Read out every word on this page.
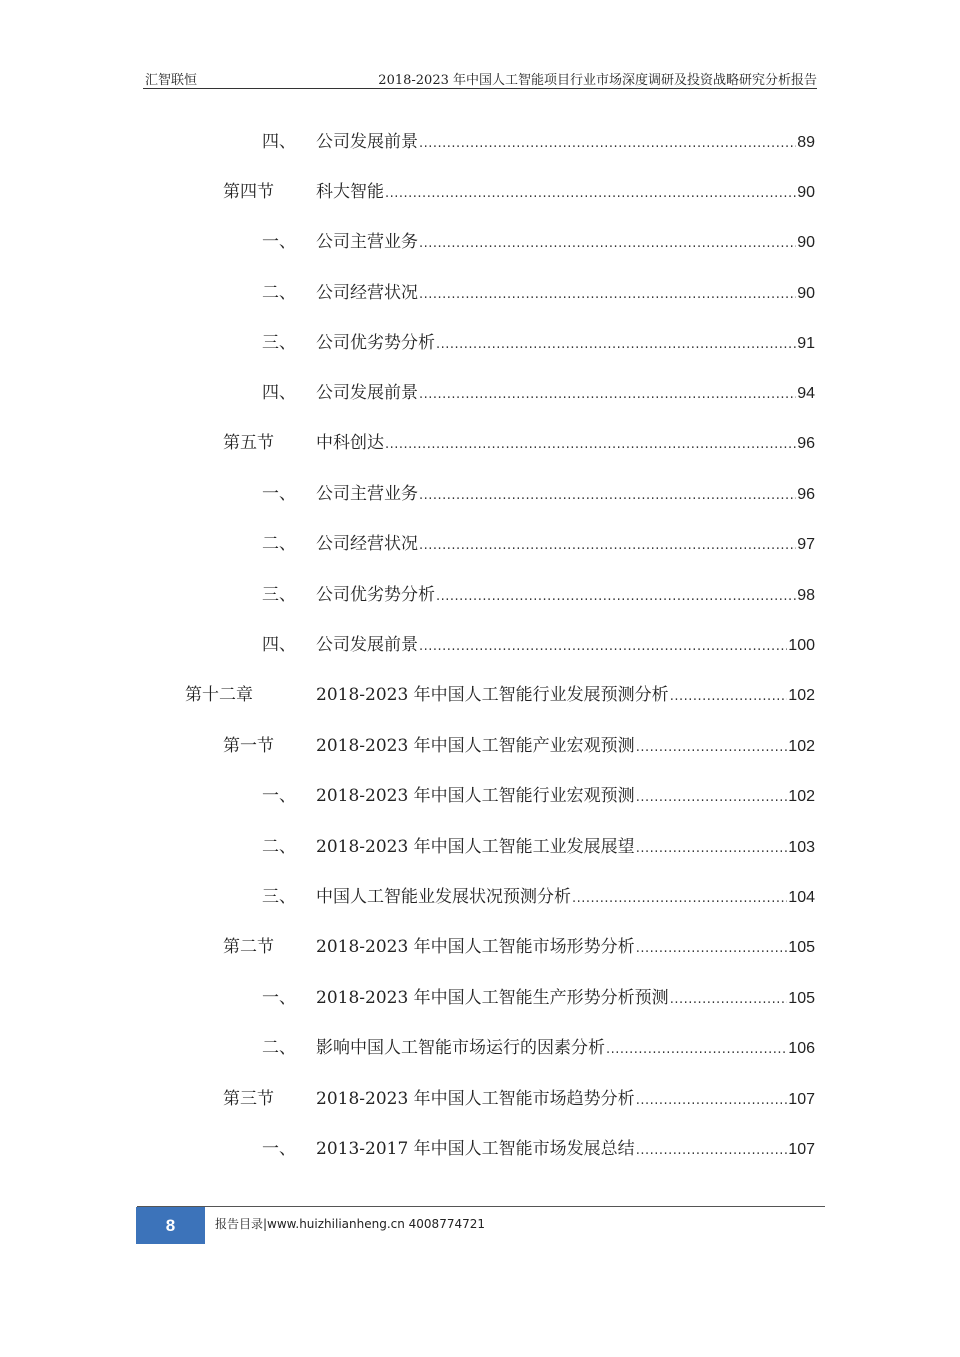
汇智联恒	2018-2023 年中国人工智能项目行业市场深度调研及投资战略研究分析报告
四、	公司发展前景 .....	89
第四节	科大智能 .....	90
一、	公司主营业务 .....	90
二、	公司经营状况 .....	90
三、	公司优劣势分析 .....	91
四、	公司发展前景 .....	94
第五节	中科创达 .....	96
一、	公司主营业务 .....	96
二、	公司经营状况 .....	97
三、	公司优劣势分析 .....	98
四、	公司发展前景 .....	100
第十二章	2018-2023 年中国人工智能行业发展预测分析 .....	102
第一节	2018-2023 年中国人工智能产业宏观预测 .....	102
一、	2018-2023 年中国人工智能行业宏观预测 .....	102
二、	2018-2023 年中国人工智能工业发展展望 .....	103
三、	中国人工智能业发展状况预测分析 .....	104
第二节	2018-2023 年中国人工智能市场形势分析 .....	105
一、	2018-2023 年中国人工智能生产形势分析预测 .....	105
二、	影响中国人工智能市场运行的因素分析 .....	106
第三节	2018-2023 年中国人工智能市场趋势分析 .....	107
一、	2013-2017 年中国人工智能市场发展总结 .....	107
8	报告目录|www.huizhilianheng.cn 4008774721
